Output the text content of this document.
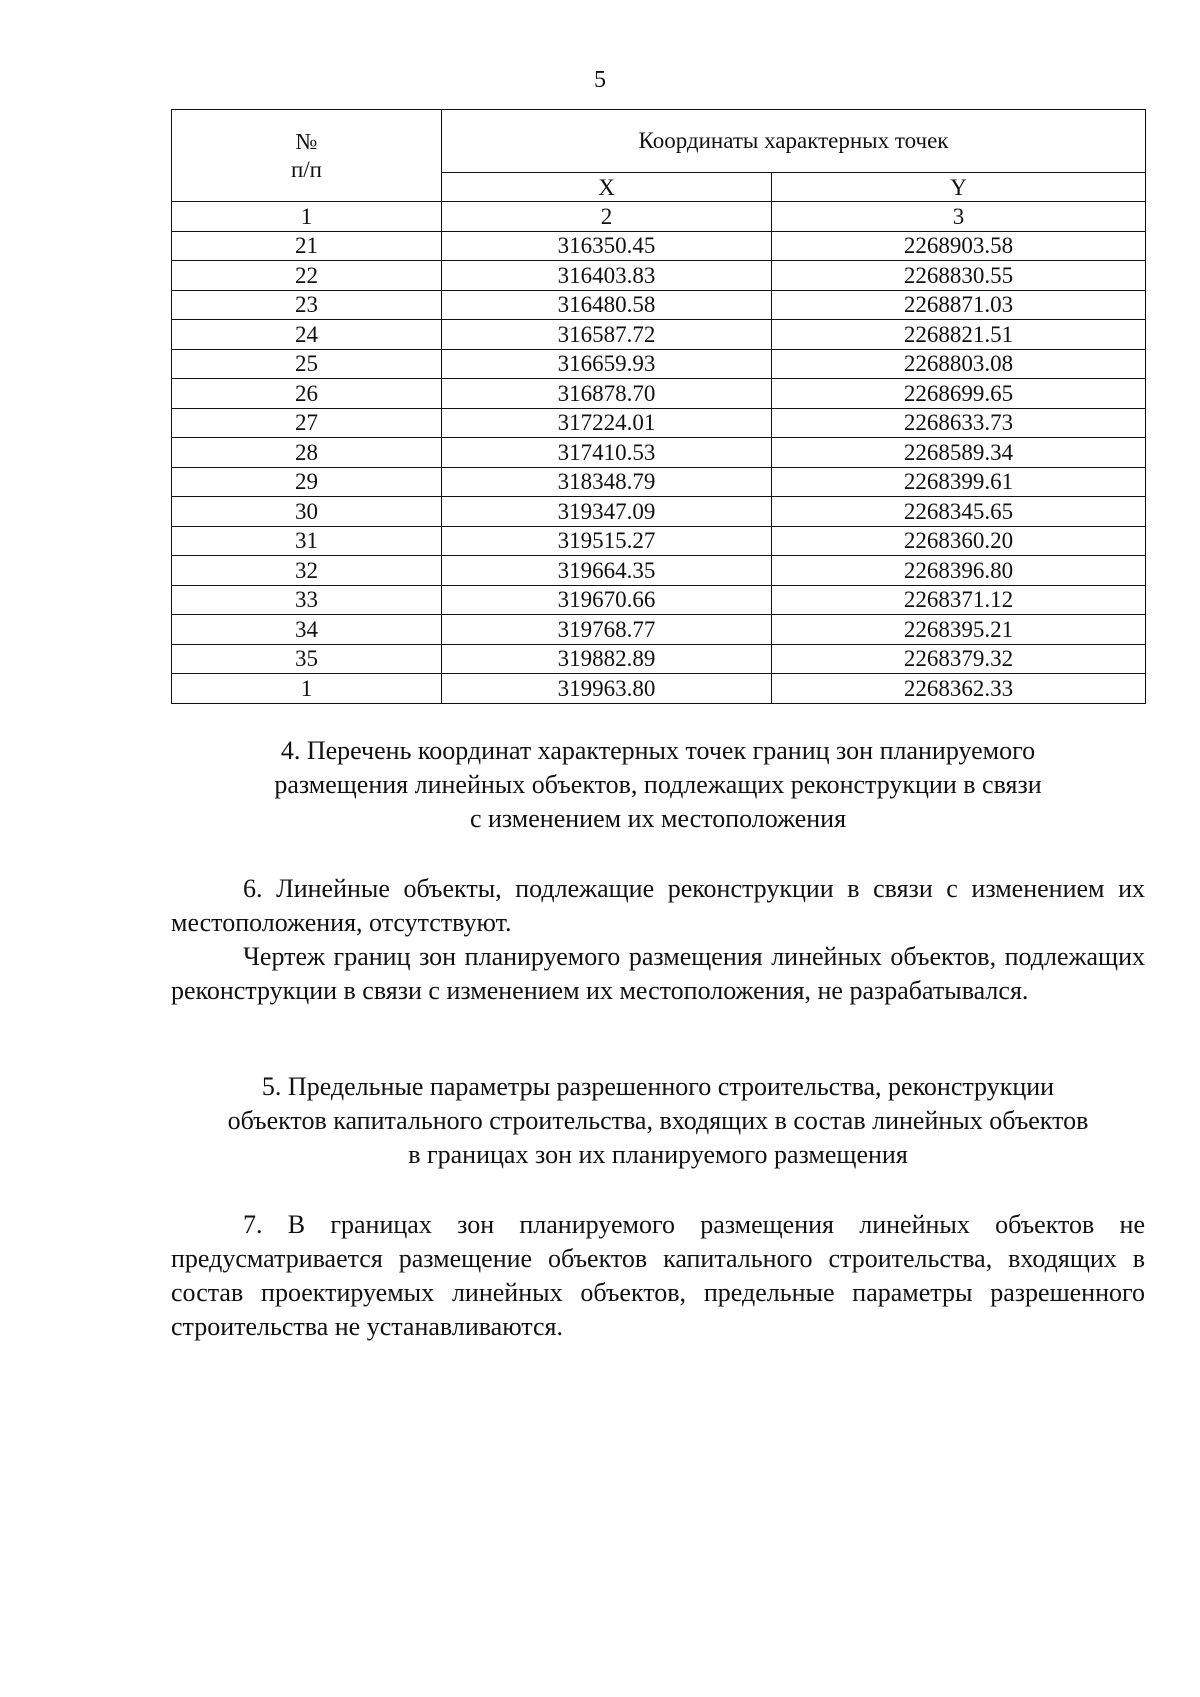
5
№
п/п	Координаты характерных точек	
	X	Y
1	2	3
21	316350.45	2268903.58
22	316403.83	2268830.55
23	316480.58	2268871.03
24	316587.72	2268821.51
25	316659.93	2268803.08
26	316878.70	2268699.65
27	317224.01	2268633.73
28	317410.53	2268589.34
29	318348.79	2268399.61
30	319347.09	2268345.65
31	319515.27	2268360.20
32	319664.35	2268396.80
33	319670.66	2268371.12
34	319768.77	2268395.21
35	319882.89	2268379.32
1	319963.80	2268362.33
4. Перечень координат характерных точек границ зон планируемого
размещения линейных объектов, подлежащих реконструкции в связи
с изменением их местоположения

6. Линейные объекты, подлежащие реконструкции в связи с изменением их местоположения, отсутствуют.

Чертеж границ зон планируемого размещения линейных объектов, подлежащих реконструкции в связи с изменением их местоположения, не разрабатывался.

5. Предельные параметры разрешенного строительства, реконструкции
объектов капитального строительства, входящих в состав линейных объектов
в границах зон их планируемого размещения

7. В границах зон планируемого размещения линейных объектов не предусматривается размещение объектов капитального строительства, входящих в состав проектируемых линейных объектов, предельные параметры разрешенного строительства не устанавливаются.
